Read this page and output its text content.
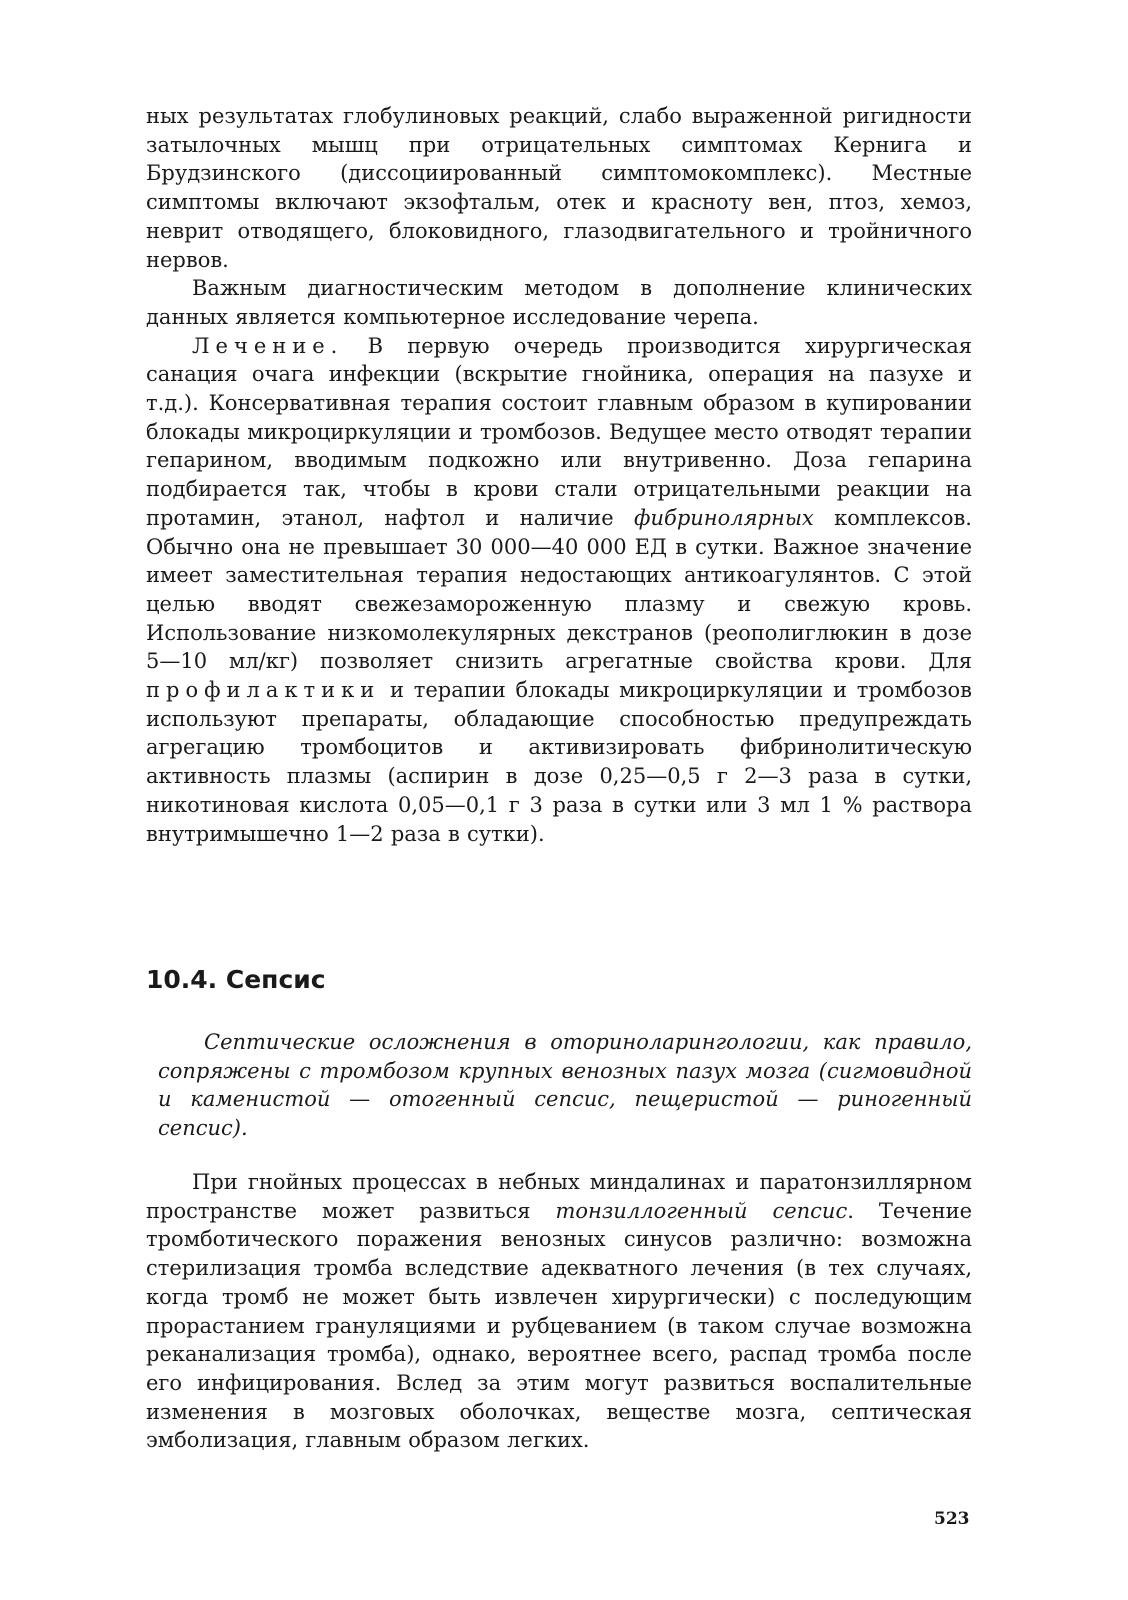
ных результатах глобулиновых реакций, слабо выраженной ригидности затылочных мышц при отрицательных симптомах Кернига и Брудзинского (диссоциированный симптомокомплекс). Местные симптомы включают экзофтальм, отек и красноту вен, птоз, хемоз, неврит отводящего, блоковидного, глазодвигательного и тройничного нервов.

Важным диагностическим методом в дополнение клинических данных является компьютерное исследование черепа.

Лечение. В первую очередь производится хирургическая санация очага инфекции (вскрытие гнойника, операция на пазухе и т.д.). Консервативная терапия состоит главным образом в купировании блокады микроциркуляции и тромбозов. Ведущее место отводят терапии гепарином, вводимым подкожно или внутривенно. Доза гепарина подбирается так, чтобы в крови стали отрицательными реакции на протамин, этанол, нафтол и наличие фибринолярных комплексов. Обычно она не превышает 30 000—40 000 ЕД в сутки. Важное значение имеет заместительная терапия недостающих антикоагулянтов. С этой целью вводят свежезамороженную плазму и свежую кровь. Использование низкомолекулярных декстранов (реополиглюкин в дозе 5—10 мл/кг) позволяет снизить агрегатные свойства крови. Для профилактики и терапии блокады микроциркуляции и тромбозов используют препараты, обладающие способностью предупреждать агрегацию тромбоцитов и активизировать фибринолитическую активность плазмы (аспирин в дозе 0,25—0,5 г 2—3 раза в сутки, никотиновая кислота 0,05—0,1 г 3 раза в сутки или 3 мл 1 % раствора внутримышечно 1—2 раза в сутки).

10.4. Сепсис

Септические осложнения в оториноларингологии, как правило, сопряжены с тромбозом крупных венозных пазух мозга (сигмовидной и каменистой — отогенный сепсис, пещеристой — риногенный сепсис).

При гнойных процессах в небных миндалинах и паратонзиллярном пространстве может развиться тонзиллогенный сепсис. Течение тромботического поражения венозных синусов различно: возможна стерилизация тромба вследствие адекватного лечения (в тех случаях, когда тромб не может быть извлечен хирургически) с последующим прорастанием грануляциями и рубцеванием (в таком случае возможна реканализация тромба), однако, вероятнее всего, распад тромба после его инфицирования. Вслед за этим могут развиться воспалительные изменения в мозговых оболочках, веществе мозга, септическая эмболизация, главным образом легких.

523
